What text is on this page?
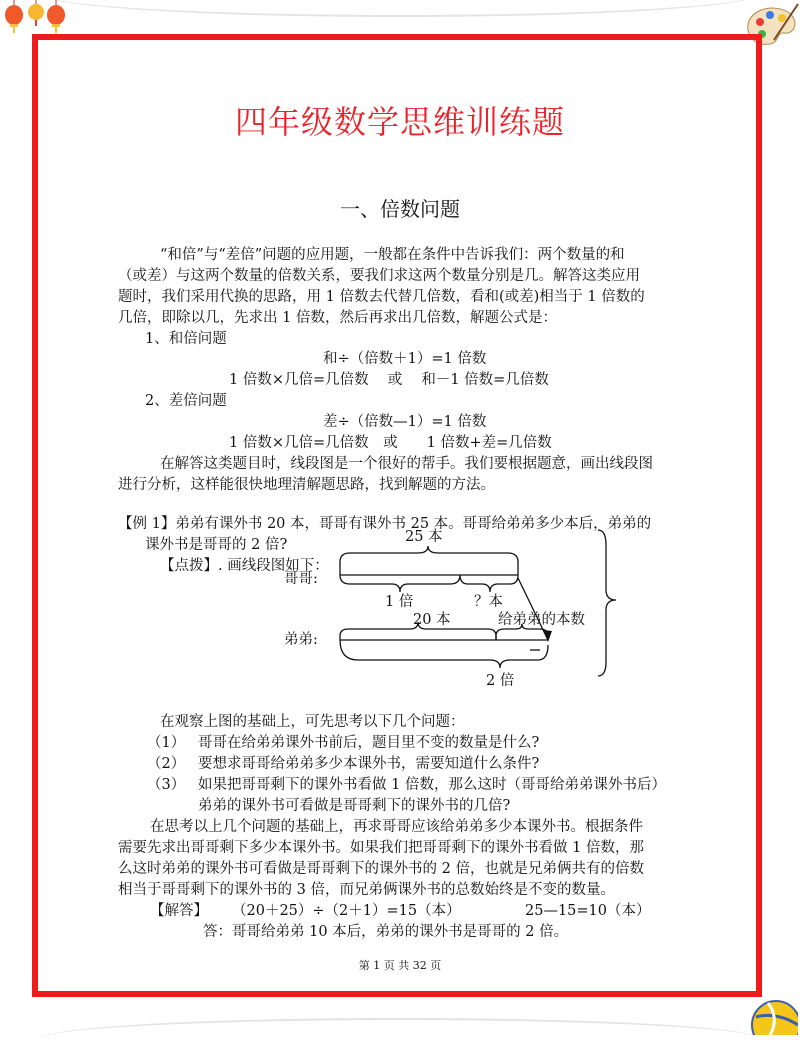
四年级数学思维训练题
一、倍数问题
“和倍”与“差倍”问题的应用题，一般都在条件中告诉我们：两个数量的和
（或差）与这两个数量的倍数关系，要我们求这两个数量分别是几。解答这类应用
题时，我们采用代换的思路，用 1 倍数去代替几倍数，看和(或差)相当于 1 倍数的
几倍，即除以几，先求出 1 倍数，然后再求出几倍数，解题公式是：
1、和倍问题
和÷（倍数＋1）=1 倍数
1 倍数×几倍=几倍数　 或　 和－1 倍数=几倍数
2、差倍问题
差÷（倍数—1）=1 倍数
1 倍数×几倍=几倍数　或　　1 倍数+差=几倍数
在解答这类题目时，线段图是一个很好的帮手。我们要根据题意，画出线段图
进行分析，这样能很快地理清解题思路，找到解题的方法。
【例 1】弟弟有课外书 20 本，哥哥有课外书 25 本。哥哥给弟弟多少本后，弟弟的
课外书是哥哥的 2 倍?
【点拨】. 画线段图如下：
25 本
哥哥:
1 倍	？本
20 本	给弟弟的本数
弟弟:
2 倍
在观察上图的基础上，可先思考以下几个问题：
（1） 哥哥在给弟弟课外书前后，题目里不变的数量是什么?
（2） 要想求哥哥给弟弟多少本课外书，需要知道什么条件?
（3） 如果把哥哥剩下的课外书看做 1 倍数，那么这时（哥哥给弟弟课外书后）
弟弟的课外书可看做是哥哥剩下的课外书的几倍?
在思考以上几个问题的基础上，再求哥哥应该给弟弟多少本课外书。根据条件
需要先求出哥哥剩下多少本课外书。如果我们把哥哥剩下的课外书看做 1 倍数，那
么这时弟弟的课外书可看做是哥哥剩下的课外书的 2 倍，也就是兄弟俩共有的倍数
相当于哥哥剩下的课外书的 3 倍，而兄弟俩课外书的总数始终是不变的数量。
【解答】 （20＋25）÷（2＋1）=15（本）	25—15=10（本）
答：哥哥给弟弟 10 本后，弟弟的课外书是哥哥的 2 倍。
第 1 页 共 32 页
